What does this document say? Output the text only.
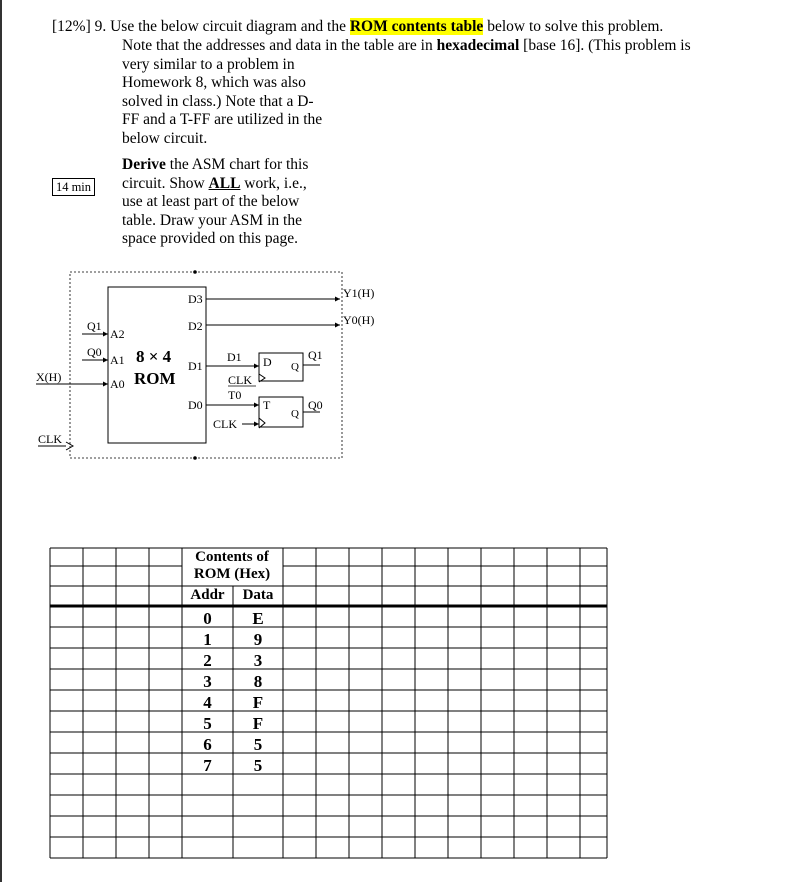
[12%] 9. Use the below circuit diagram and the ROM contents table below to solve this problem.
Note that the addresses and data in the table are in hexadecimal [base 16]. (This problem is
very similar to a problem in
Homework 8, which was also
solved in class.) Note that a D-
FF and a T-FF are utilized in the
below circuit.
Derive the ASM chart for this
circuit. Show ALL work, i.e.,
use at least part of the below
table. Draw your ASM in the
space provided on this page.
14 min
8 × 4
ROM
A2
A1
A0
Q1
Q0
X(H)
CLK
D3
D2
D1
D0
Y1(H)
Y0(H)
D1 D Q
CLK
Q1
T0
T
Q
CLK
Q0
Contents of
ROM (Hex)
Addr	Data
0	E
1	9
2	3
3	8
4	F
5	F
6	5
7	5
